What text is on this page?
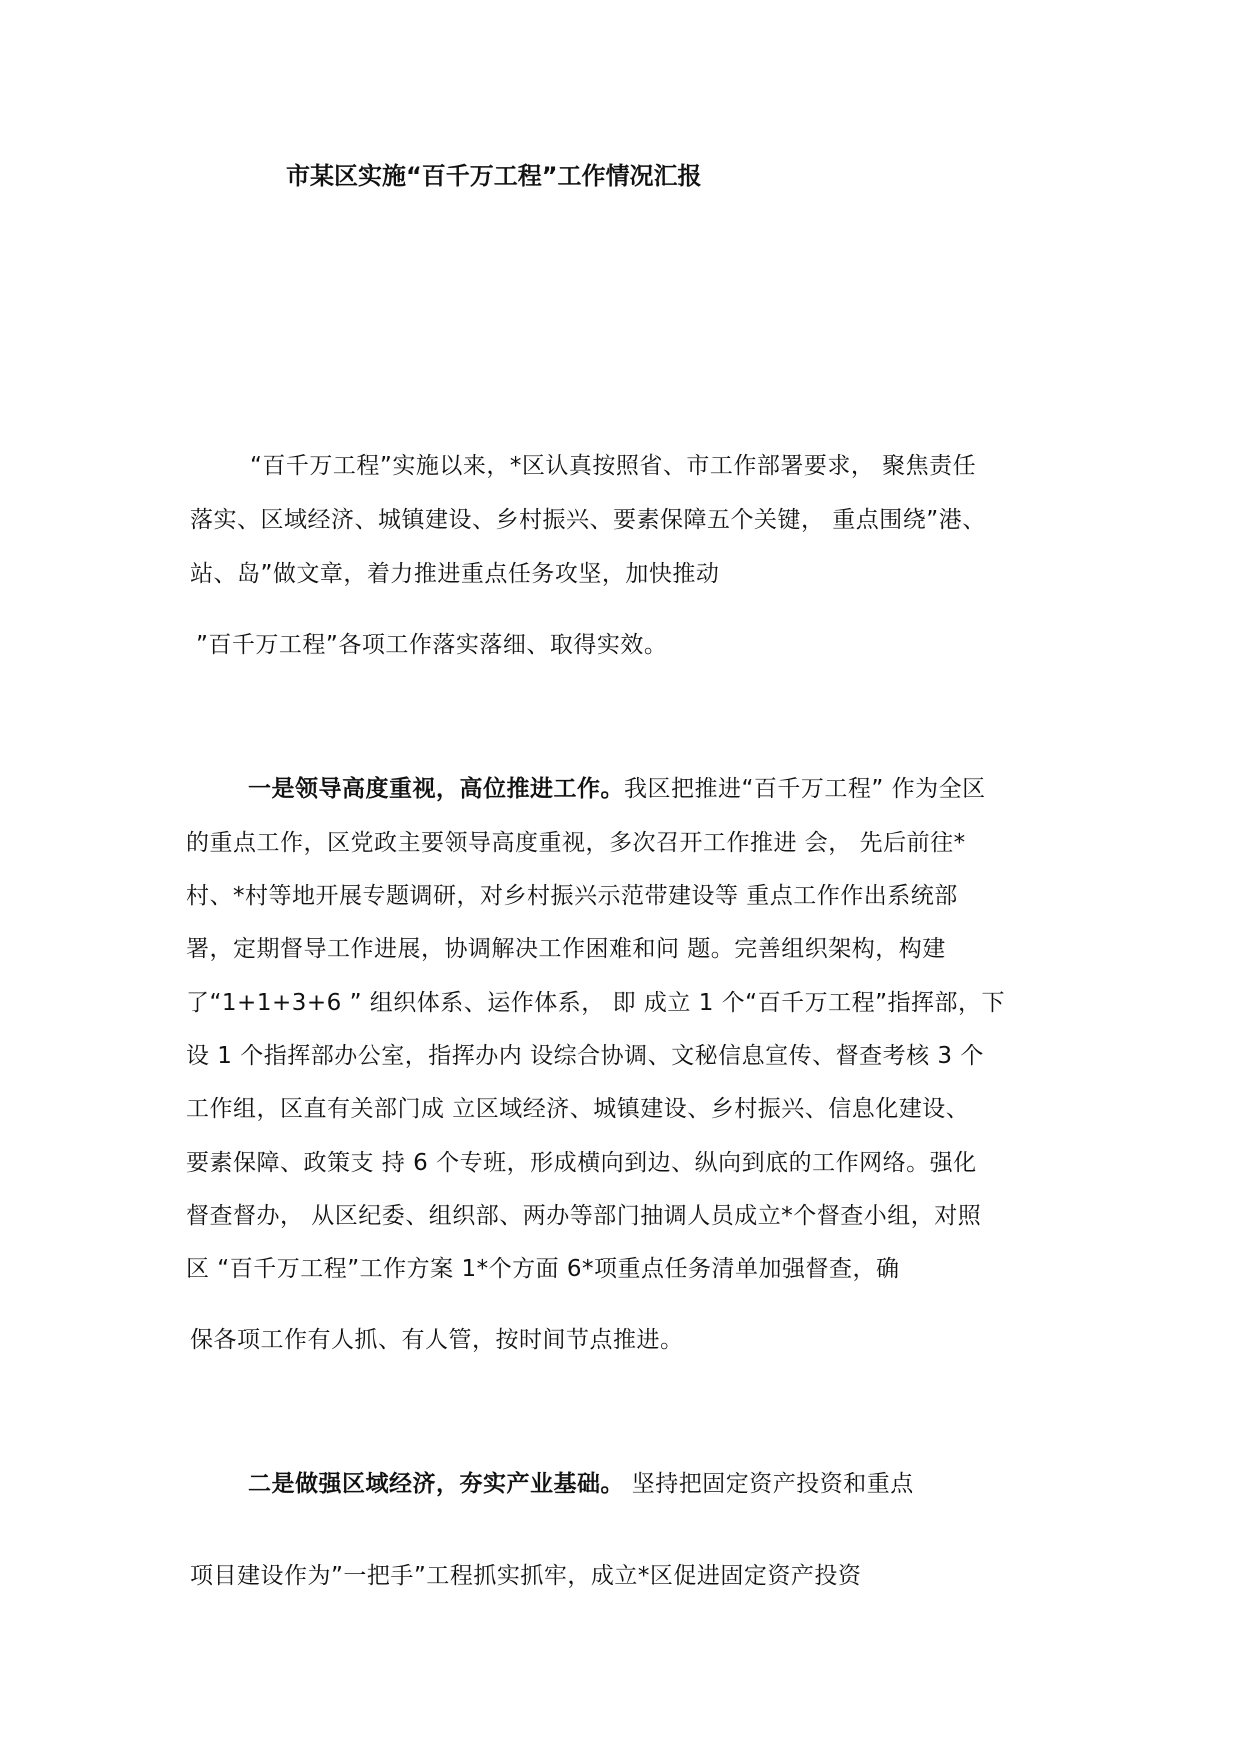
市某区实施“百千万工程”工作情况汇报
“百千万工程”实施以来，*区认真按照省、市工作部署要求， 聚焦责任
落实、区域经济、城镇建设、乡村振兴、要素保障五个关键， 重点围绕”港、
站、岛”做文章，着力推进重点任务攻坚，加快推动
”百千万工程”各项工作落实落细、取得实效。
一是领导高度重视，高位推进工作。我区把推进“百千万工程” 作为全区
的重点工作，区党政主要领导高度重视，多次召开工作推进 会， 先后前往*
村、*村等地开展专题调研，对乡村振兴示范带建设等 重点工作作出系统部
署，定期督导工作进展，协调解决工作困难和问 题。完善组织架构，构建
了“1+1+3+6 ” 组织体系、运作体系， 即 成立 1 个“百千万工程”指挥部，下
设 1 个指挥部办公室，指挥办内 设综合协调、文秘信息宣传、督查考核 3 个
工作组，区直有关部门成 立区域经济、城镇建设、乡村振兴、信息化建设、
要素保障、政策支 持 6 个专班，形成横向到边、纵向到底的工作网络。强化
督查督办， 从区纪委、组织部、两办等部门抽调人员成立*个督查小组，对照
区 “百千万工程”工作方案 1*个方面 6*项重点任务清单加强督查，确
保各项工作有人抓、有人管，按时间节点推进。
二是做强区域经济，夯实产业基础。 坚持把固定资产投资和重点
项目建设作为”一把手”工程抓实抓牢，成立*区促进固定资产投资
